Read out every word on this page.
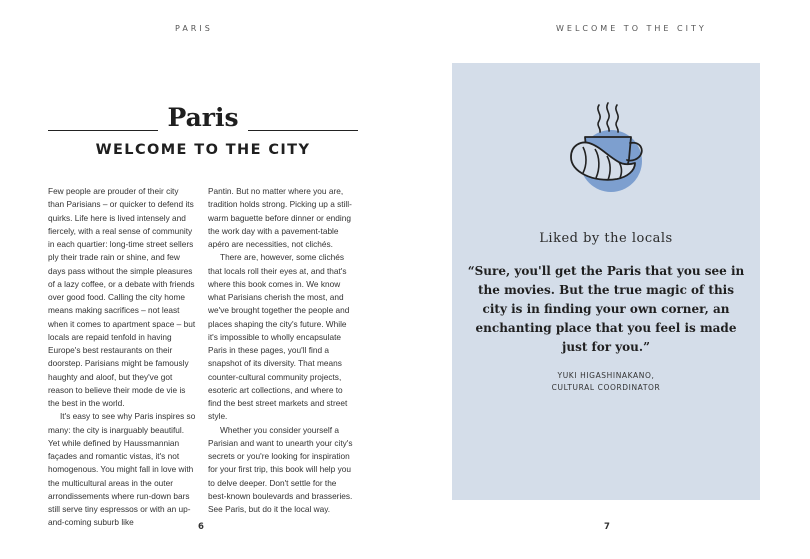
PARIS
Paris
WELCOME TO THE CITY

Few people are prouder of their city than Parisians – or quicker to defend its quirks. Life here is lived intensely and fiercely, with a real sense of community in each quartier: long-time street sellers ply their trade rain or shine, and few days pass without the simple pleasures of a lazy coffee, or a debate with friends over good food. Calling the city home means making sacrifices – not least when it comes to apartment space – but locals are repaid tenfold in having Europe's best restaurants on their doorstep. Parisians might be famously haughty and aloof, but they've got reason to believe their mode de vie is the best in the world.

It's easy to see why Paris inspires so many: the city is inarguably beautiful. Yet while defined by Haussmannian façades and romantic vistas, it's not homogenous. You might fall in love with the multicultural areas in the outer arrondissements where run-down bars still serve tiny espressos or with an up-and-coming suburb like

Pantin. But no matter where you are, tradition holds strong. Picking up a still-warm baguette before dinner or ending the work day with a pavement-table apéro are necessities, not clichés.

There are, however, some clichés that locals roll their eyes at, and that's where this book comes in. We know what Parisians cherish the most, and we've brought together the people and places shaping the city's future. While it's impossible to wholly encapsulate Paris in these pages, you'll find a snapshot of its diversity. That means counter-cultural community projects, esoteric art collections, and where to find the best street markets and street style.

Whether you consider yourself a Parisian and want to unearth your city's secrets or you're looking for inspiration for your first trip, this book will help you to delve deeper. Don't settle for the best-known boulevards and brasseries. See Paris, but do it the local way.

6
WELCOME TO THE CITY
Liked by the locals
“Sure, you'll get the Paris that you see in the movies. But the true magic of this city is in finding your own corner, an enchanting place that you feel is made just for you.”
YUKI HIGASHINAKANO,
CULTURAL COORDINATOR
7
